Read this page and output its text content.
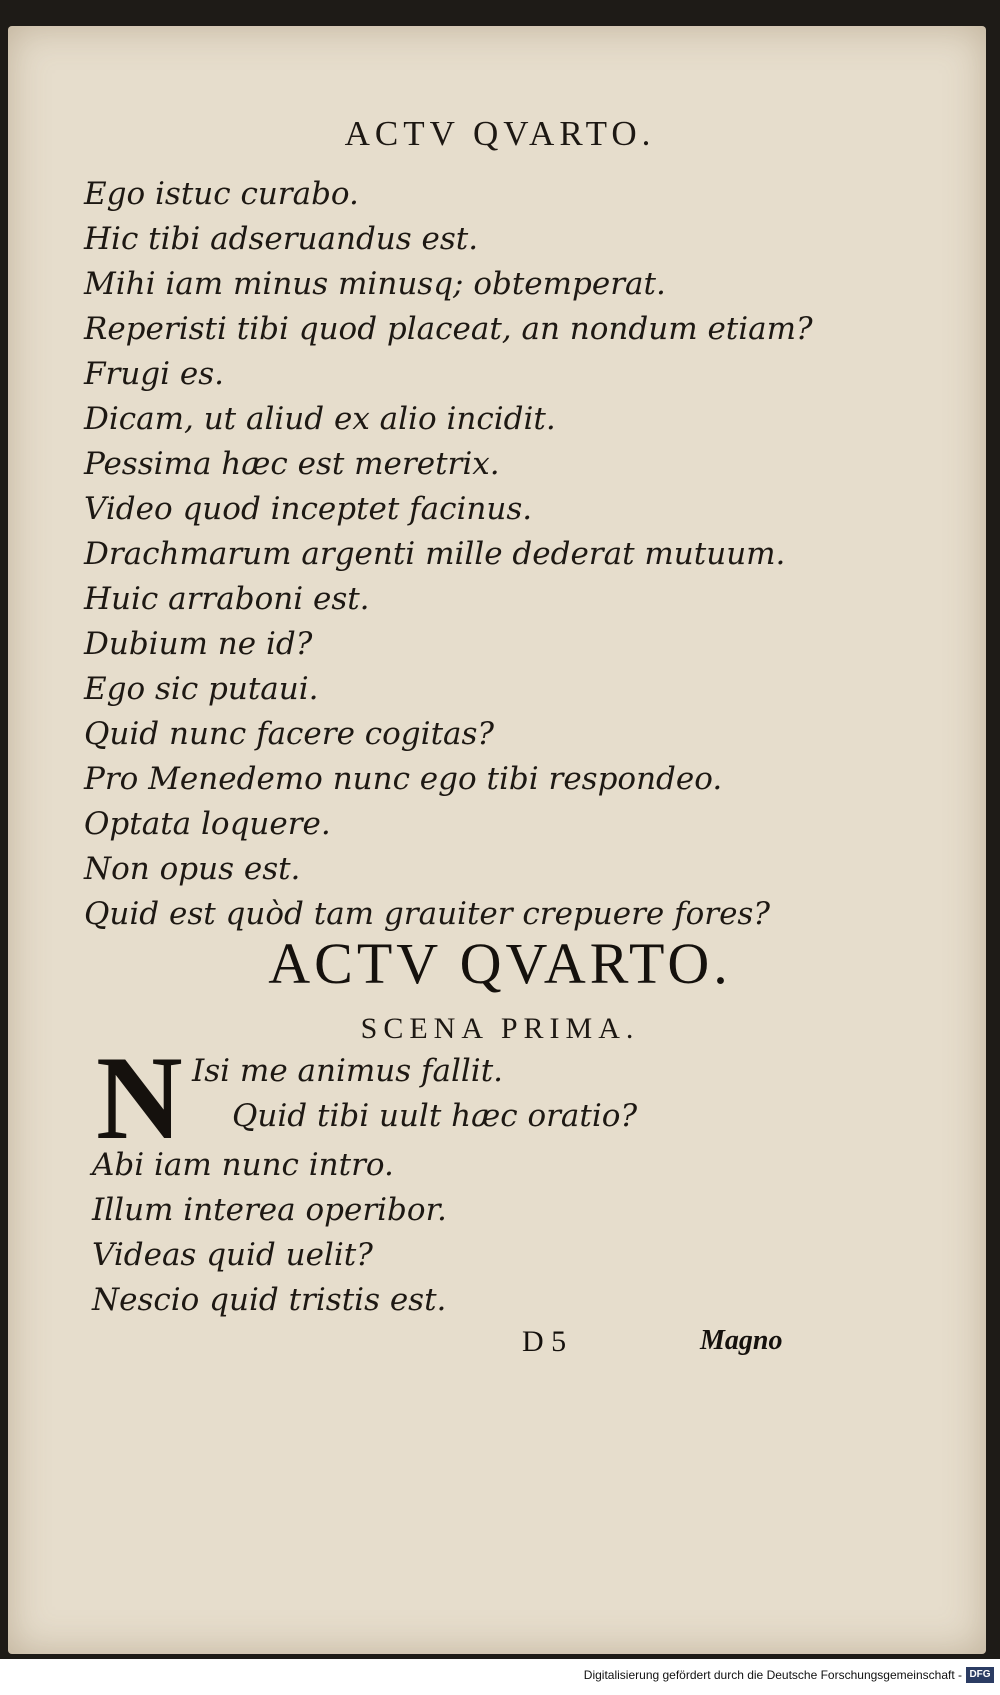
ACTV QVARTO.
Ego istuc curabo.
Hic tibi adseruandus est.
Mihi iam minus minusq; obtemperat.
Reperisti tibi quod placeat, an nondum etiam?
Frugi es.
Dicam, ut aliud ex alio incidit.
Pessima hæc est meretrix.
Video quod inceptet facinus.
Drachmarum argenti mille dederat mutuum.
Huic arraboni est.
Dubium ne id?
Ego sic putaui.
Quid nunc facere cogitas?
Pro Menedemo nunc ego tibi respondeo.
Optata loquere.
Non opus est.
Quid est quòd tam grauiter crepuere fores?
ACTV QVARTO.
SCENA PRIMA.
N Isi me animus fallit.
Quid tibi uult hæc oratio?
Abi iam nunc intro.
Illum interea operibor.
Videas quid uelit?
Nescio quid tristis est.
D 5	Magno
Digitalisierung gefördert durch die Deutsche Forschungsgemeinschaft - DFG
